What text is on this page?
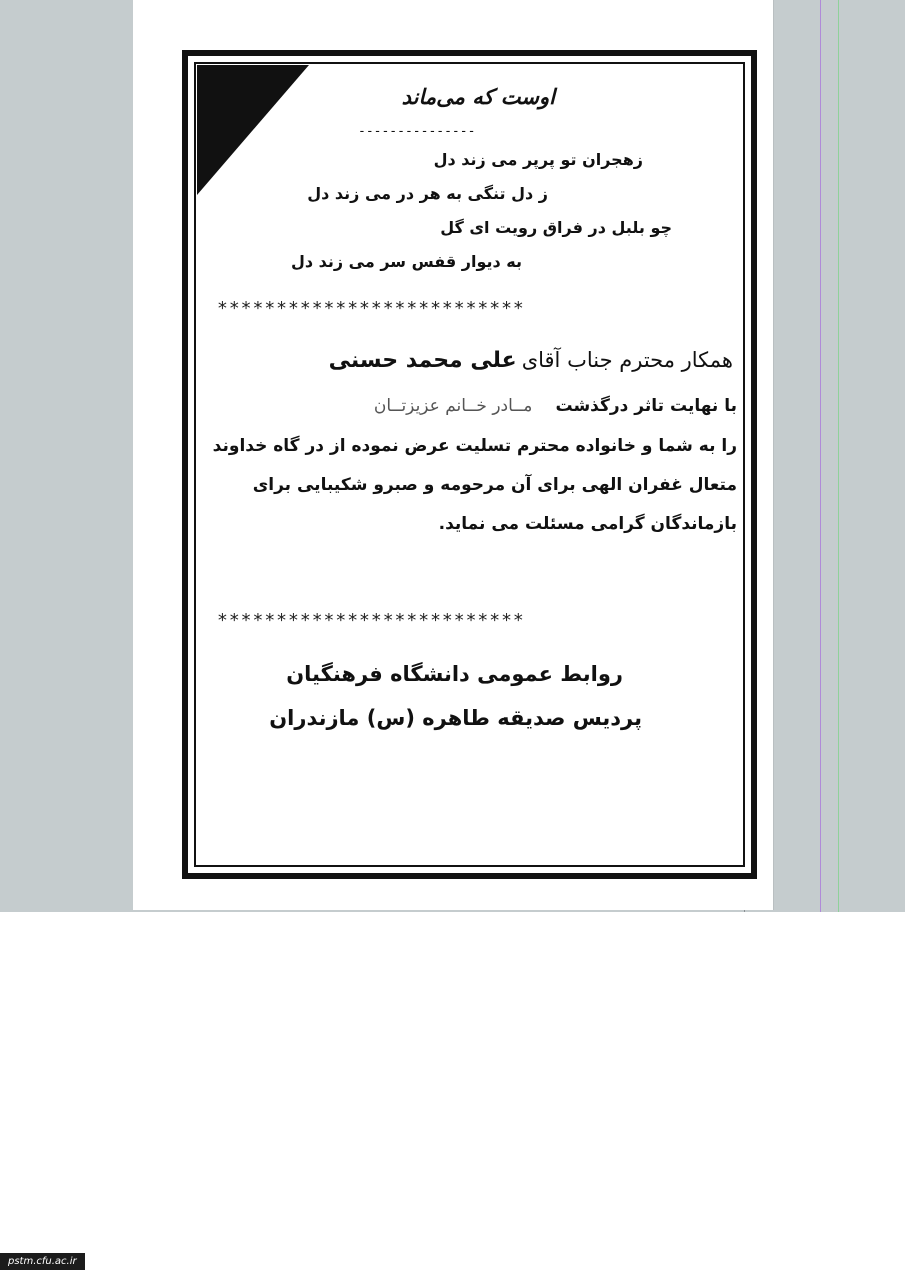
اوست که می‌ماند
---------------
زهجران تو پرپر می زند دل
ز دل تنگی به هر در می زند دل
چو بلبل در فراق رویت ای گل
به دیوار قفس سر می زند دل
**************************
همکار محترم جناب آقای علی محمد حسنی
با نهایت تاثر درگذشت مــادر خــانم عزیزتــان
را به شما و خانواده محترم تسلیت عرض نموده از در گاه خداوند
متعال غفران الهی برای آن مرحومه و صبرو شکیبایی برای
بازماندگان گرامی مسئلت می نماید.
**************************
روابط عمومی دانشگاه فرهنگیان
پردیس صدیقه طاهره (س) مازندران
pstm.cfu.ac.ir
